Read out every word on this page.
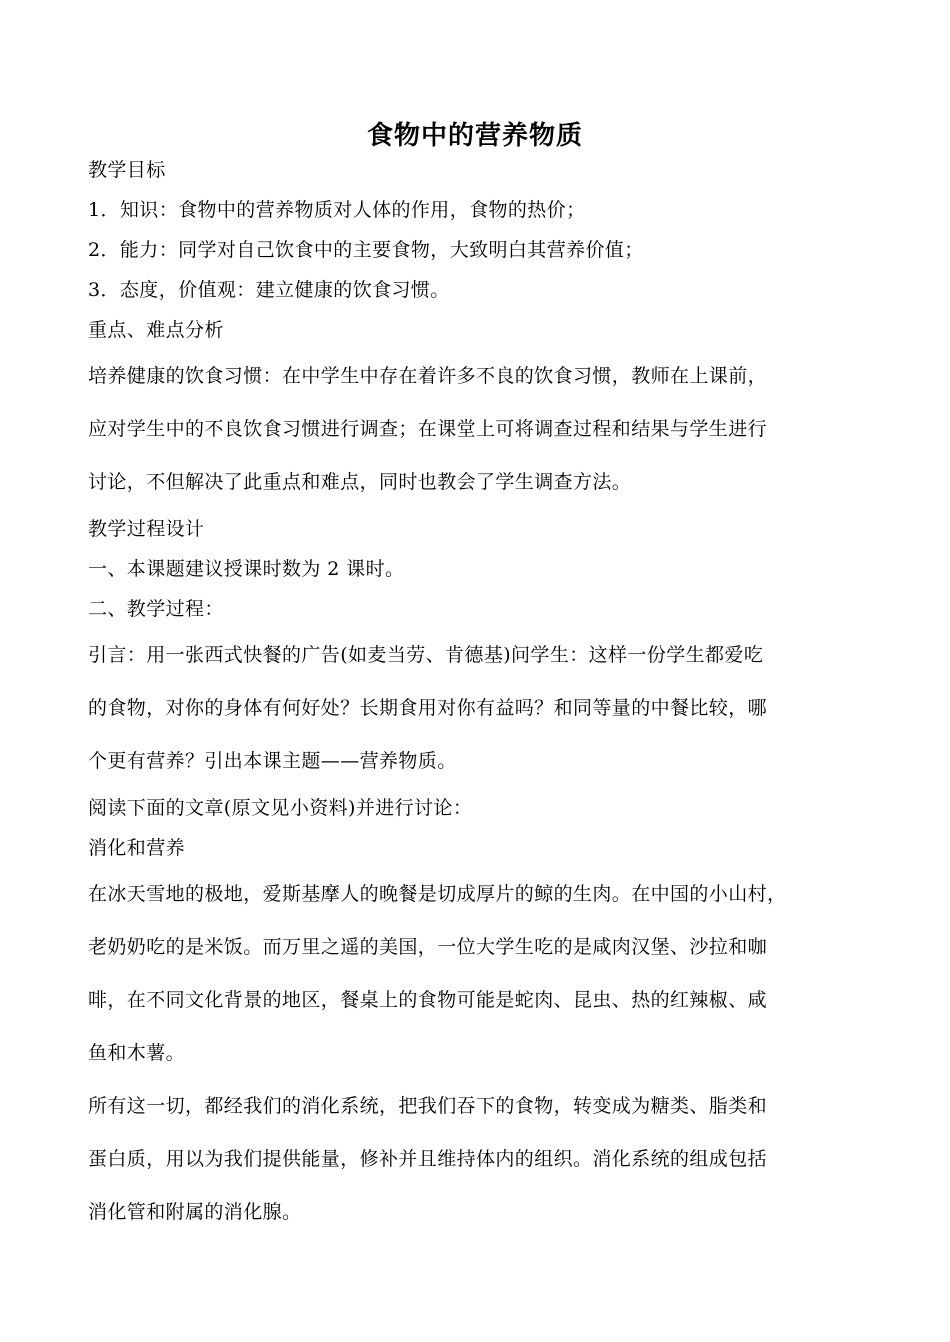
食物中的营养物质
教学目标
1．知识：食物中的营养物质对人体的作用，食物的热价；
2．能力：同学对自己饮食中的主要食物，大致明白其营养价值；
3．态度，价值观：建立健康的饮食习惯。
重点、难点分析
培养健康的饮食习惯：在中学生中存在着许多不良的饮食习惯，教师在上课前，
应对学生中的不良饮食习惯进行调查；在课堂上可将调查过程和结果与学生进行
讨论，不但解决了此重点和难点，同时也教会了学生调查方法。
教学过程设计
一、本课题建议授课时数为 2 课时。
二、教学过程：
引言：用一张西式快餐的广告(如麦当劳、肯德基)问学生：这样一份学生都爱吃
的食物，对你的身体有何好处？长期食用对你有益吗？和同等量的中餐比较，哪
个更有营养？引出本课主题——营养物质。
阅读下面的文章(原文见小资料)并进行讨论：
消化和营养
在冰天雪地的极地，爱斯基摩人的晚餐是切成厚片的鲸的生肉。在中国的小山村，
老奶奶吃的是米饭。而万里之遥的美国，一位大学生吃的是咸肉汉堡、沙拉和咖
啡，在不同文化背景的地区，餐桌上的食物可能是蛇肉、昆虫、热的红辣椒、咸
鱼和木薯。
所有这一切，都经我们的消化系统，把我们吞下的食物，转变成为糖类、脂类和
蛋白质，用以为我们提供能量，修补并且维持体内的组织。消化系统的组成包括
消化管和附属的消化腺。
